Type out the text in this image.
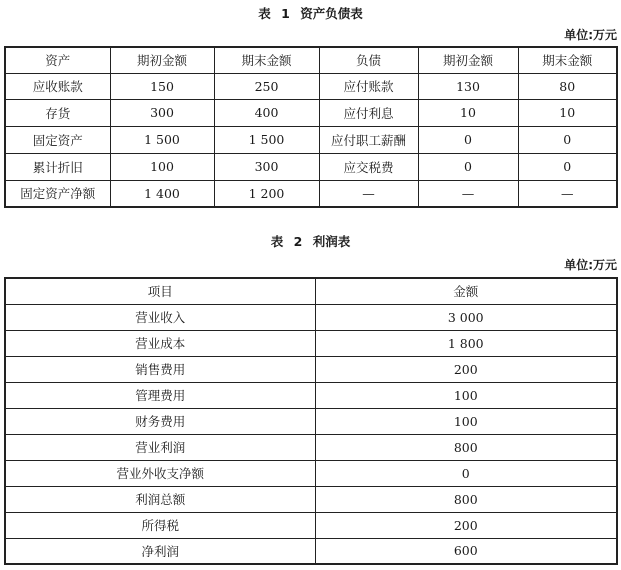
表 1 资产负债表
单位:万元
资产	期初金额	期末金额	负债	期初金额	期末金额
应收账款	150	250	应付账款	130	80
存货	300	400	应付利息	10	10
固定资产	1 500	1 500	应付职工薪酬	0	0
累计折旧	100	300	应交税费	0	0
固定资产净额	1 400	1 200	—	—	—
表 2 利润表
单位:万元
项目	金额
营业收入	3 000
营业成本	1 800
销售费用	200
管理费用	100
财务费用	100
营业利润	800
营业外收支净额	0
利润总额	800
所得税	200
净利润	600
